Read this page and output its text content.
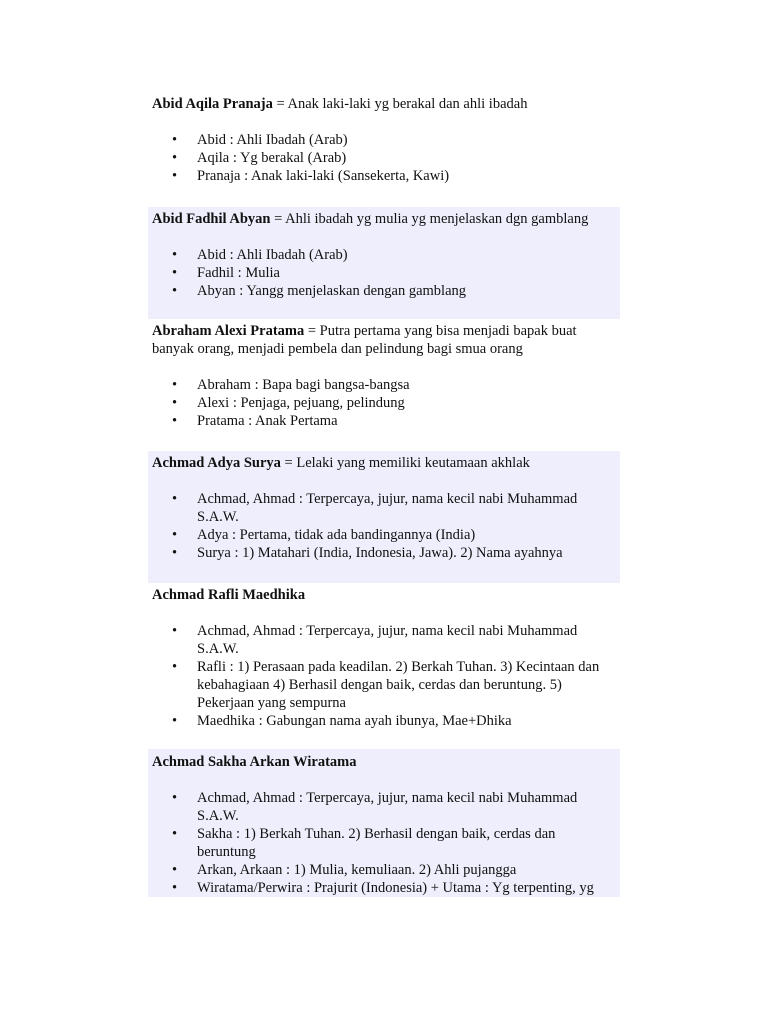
Abid Aqila Pranaja = Anak laki-laki yg berakal dan ahli ibadah

• Abid : Ahli Ibadah (Arab)
• Aqila : Yg berakal (Arab)
• Pranaja : Anak laki-laki (Sansekerta, Kawi)

Abid Fadhil Abyan = Ahli ibadah yg mulia yg menjelaskan dgn gamblang

• Abid : Ahli Ibadah (Arab)
• Fadhil : Mulia
• Abyan : Yangg menjelaskan dengan gamblang

Abraham Alexi Pratama = Putra pertama yang bisa menjadi bapak buat banyak orang, menjadi pembela dan pelindung bagi smua orang

• Abraham : Bapa bagi bangsa-bangsa
• Alexi : Penjaga, pejuang, pelindung
• Pratama : Anak Pertama

Achmad Adya Surya = Lelaki yang memiliki keutamaan akhlak

• Achmad, Ahmad : Terpercaya, jujur, nama kecil nabi Muhammad S.A.W.
• Adya : Pertama, tidak ada bandingannya (India)
• Surya : 1) Matahari (India, Indonesia, Jawa). 2) Nama ayahnya

Achmad Rafli Maedhika

• Achmad, Ahmad : Terpercaya, jujur, nama kecil nabi Muhammad S.A.W.
• Rafli : 1) Perasaan pada keadilan. 2) Berkah Tuhan. 3) Kecintaan dan kebahagiaan 4) Berhasil dengan baik, cerdas dan beruntung. 5) Pekerjaan yang sempurna
• Maedhika : Gabungan nama ayah ibunya, Mae+Dhika

Achmad Sakha Arkan Wiratama

• Achmad, Ahmad : Terpercaya, jujur, nama kecil nabi Muhammad S.A.W.
• Sakha : 1) Berkah Tuhan. 2) Berhasil dengan baik, cerdas dan beruntung
• Arkan, Arkaan : 1) Mulia, kemuliaan. 2) Ahli pujangga
• Wiratama/Perwira : Prajurit (Indonesia) + Utama : Yg terpenting, yg
